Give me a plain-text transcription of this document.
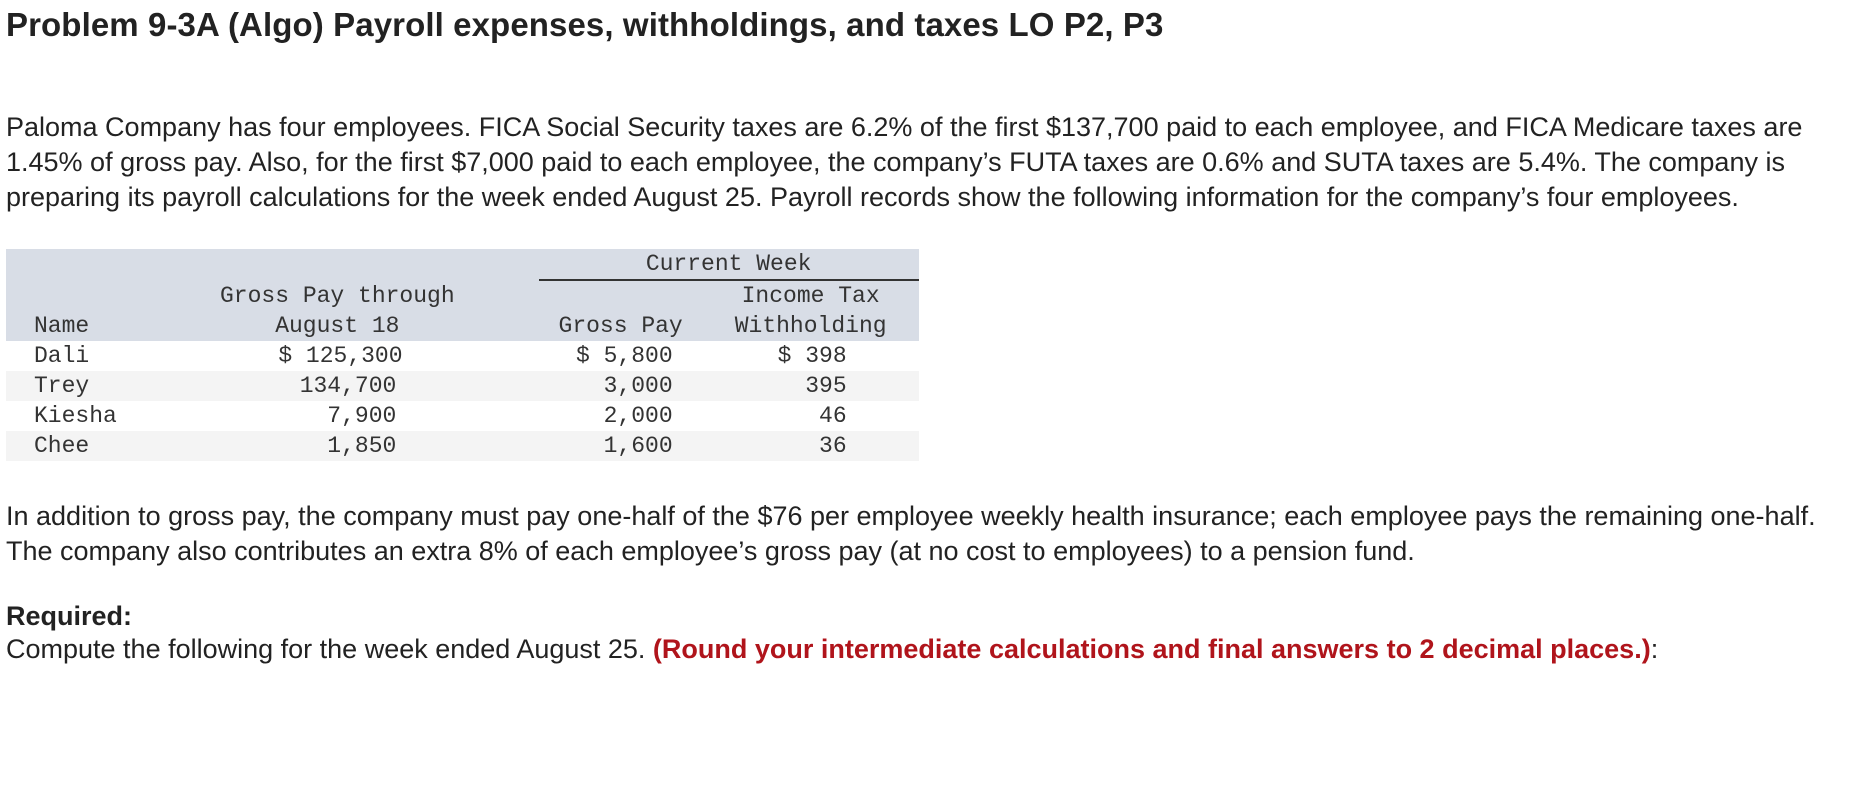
Problem 9-3A (Algo) Payroll expenses, withholdings, and taxes LO P2, P3

Paloma Company has four employees. FICA Social Security taxes are 6.2% of the first $137,700 paid to each employee, and FICA Medicare taxes are 1.45% of gross pay. Also, for the first $7,000 paid to each employee, the company’s FUTA taxes are 0.6% and SUTA taxes are 5.4%. The company is preparing its payroll calculations for the week ended August 25. Payroll records show the following information for the company’s four employees.

			Current Week	
	Gross Pay through			Income Tax
Name	August 18		Gross Pay	Withholding
Dali	$ 125,300		$ 5,800	$ 398
Trey	134,700		3,000	395
Kiesha	7,900		2,000	46
Chee	1,850		1,600	36

In addition to gross pay, the company must pay one-half of the $76 per employee weekly health insurance; each employee pays the remaining one-half. The company also contributes an extra 8% of each employee’s gross pay (at no cost to employees) to a pension fund.

Required:

Compute the following for the week ended August 25. (Round your intermediate calculations and final answers to 2 decimal places.):
